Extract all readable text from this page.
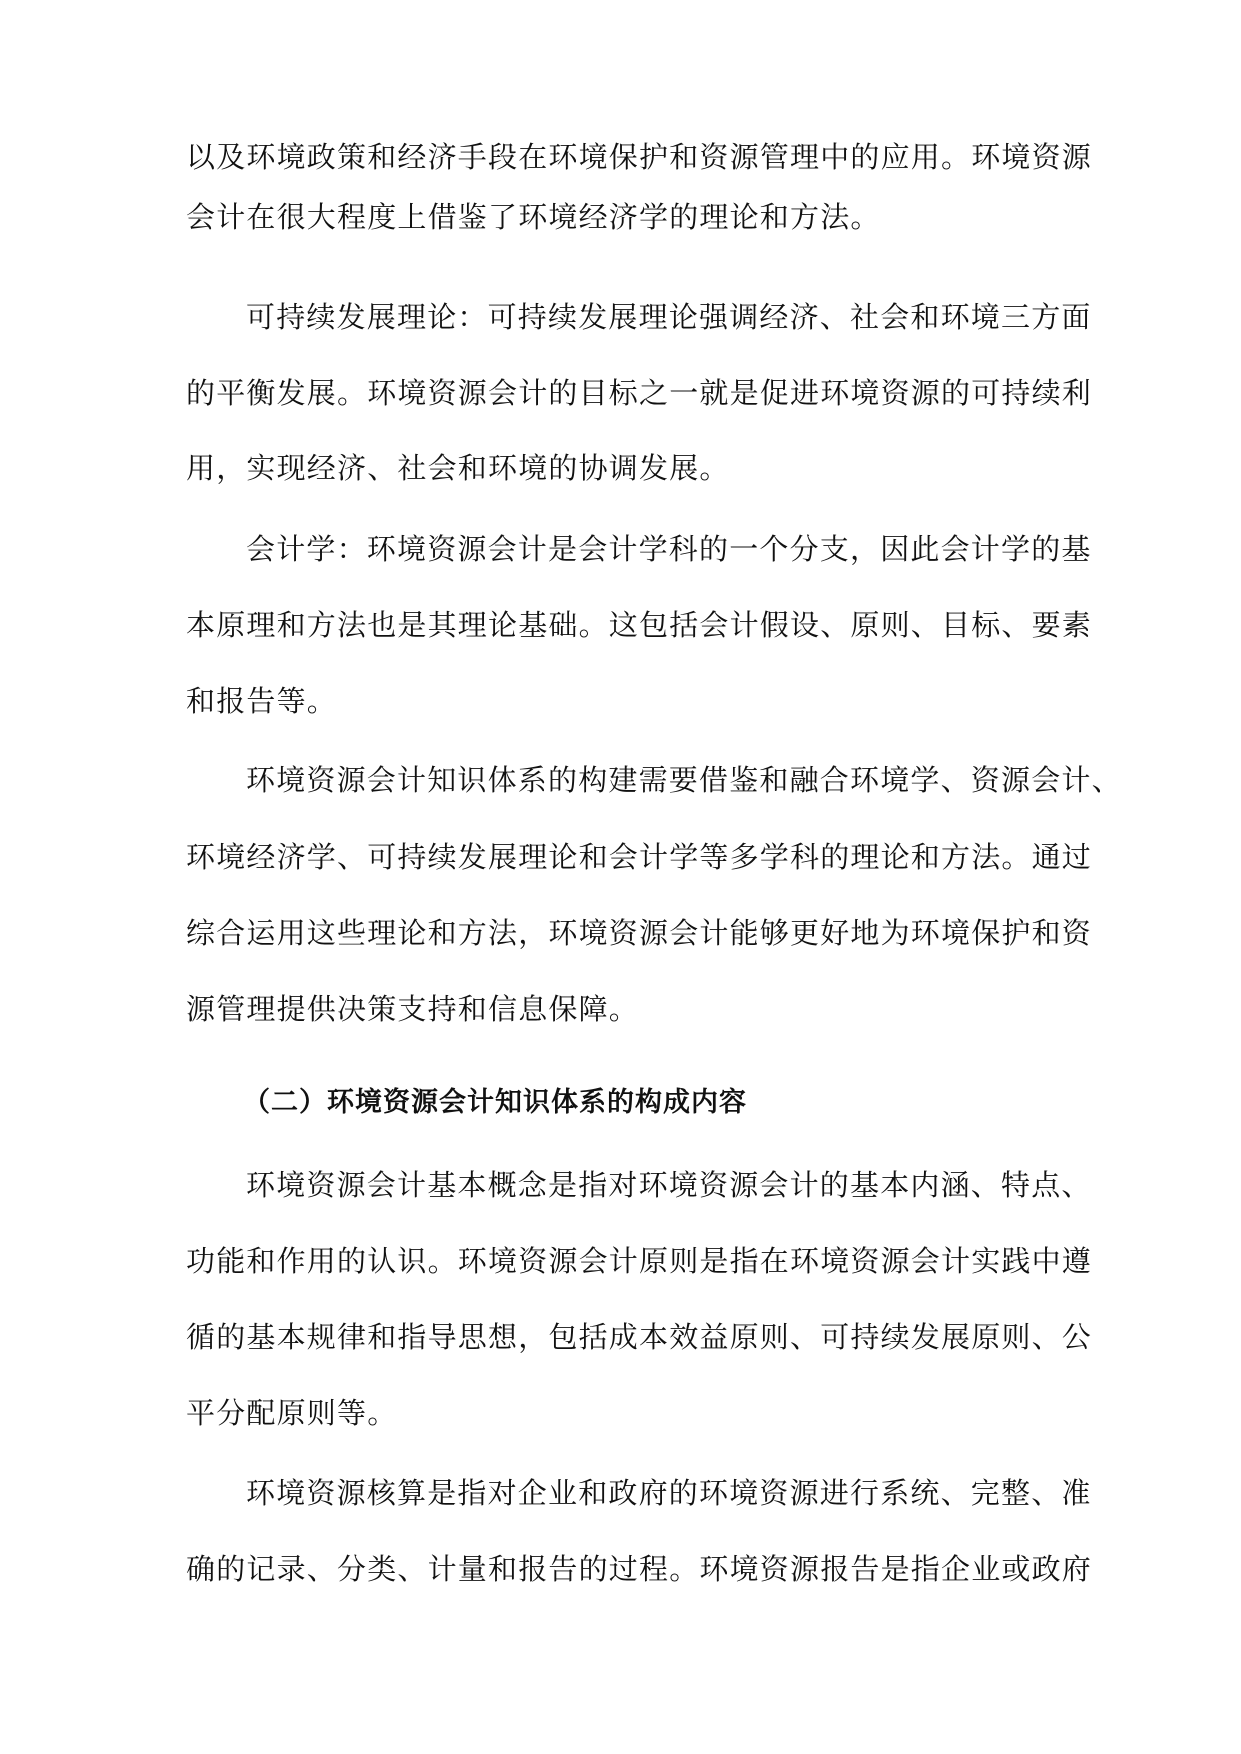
以及环境政策和经济手段在环境保护和资源管理中的应用。环境资源

会计在很大程度上借鉴了环境经济学的理论和方法。

可持续发展理论：可持续发展理论强调经济、社会和环境三方面

的平衡发展。环境资源会计的目标之一就是促进环境资源的可持续利

用，实现经济、社会和环境的协调发展。

会计学：环境资源会计是会计学科的一个分支，因此会计学的基

本原理和方法也是其理论基础。这包括会计假设、原则、目标、要素

和报告等。

环境资源会计知识体系的构建需要借鉴和融合环境学、资源会计、

环境经济学、可持续发展理论和会计学等多学科的理论和方法。通过

综合运用这些理论和方法，环境资源会计能够更好地为环境保护和资

源管理提供决策支持和信息保障。

（二）环境资源会计知识体系的构成内容

环境资源会计基本概念是指对环境资源会计的基本内涵、特点、

功能和作用的认识。环境资源会计原则是指在环境资源会计实践中遵

循的基本规律和指导思想，包括成本效益原则、可持续发展原则、公

平分配原则等。

环境资源核算是指对企业和政府的环境资源进行系统、完整、准

确的记录、分类、计量和报告的过程。环境资源报告是指企业或政府
